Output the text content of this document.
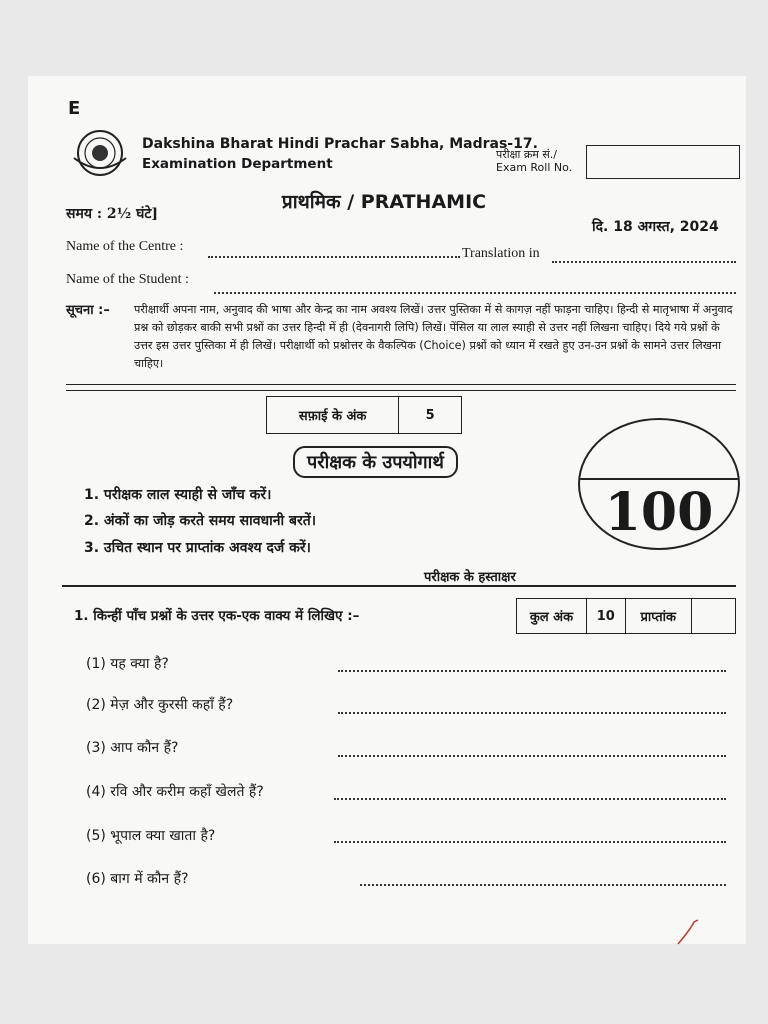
E
Dakshina Bharat Hindi Prachar Sabha, Madras-17.
Examination Department
परीक्षा क्रम सं./
Exam Roll No.
प्राथमिक / PRATHAMIC
समय : 2½ घंटे]
दि. 18 अगस्त, 2024
Name of the Centre :	Translation in
Name of the Student :
सूचना :– परीक्षार्थी अपना नाम, अनुवाद की भाषा और केन्द्र का नाम अवश्य लिखें। उत्तर पुस्तिका में से कागज़ नहीं फाड़ना चाहिए। हिन्दी से मातृभाषा में अनुवाद प्रश्न को छोड़कर बाकी सभी प्रश्नों का उत्तर हिन्दी में ही (देवनागरी लिपि) लिखें। पेंसिल या लाल स्याही से उत्तर नहीं लिखना चाहिए। दिये गये प्रश्नों के उत्तर इस उत्तर पुस्तिका में ही लिखें। परीक्षार्थी को प्रश्नोत्तर के वैकल्पिक (Choice) प्रश्नों को ध्यान में रखते हुए उन-उन प्रश्नों के सामने उत्तर लिखना चाहिए।
सफ़ाई के अंक	5
परीक्षक के उपयोगार्थ
100
1. परीक्षक लाल स्याही से जाँच करें।
2. अंकों का जोड़ करते समय सावधानी बरतें।
3. उचित स्थान पर प्राप्तांक अवश्य दर्ज करें।
परीक्षक के हस्ताक्षर
1. किन्हीं पाँच प्रश्नों के उत्तर एक-एक वाक्य में लिखिए :–	कुल अंक	10	प्राप्तांक	
(1) यह क्या है?
(2) मेज़ और कुरसी कहाँ हैं?
(3) आप कौन हैं?
(4) रवि और करीम कहाँ खेलते हैं?
(5) भूपाल क्या खाता है?
(6) बाग में कौन हैं?
